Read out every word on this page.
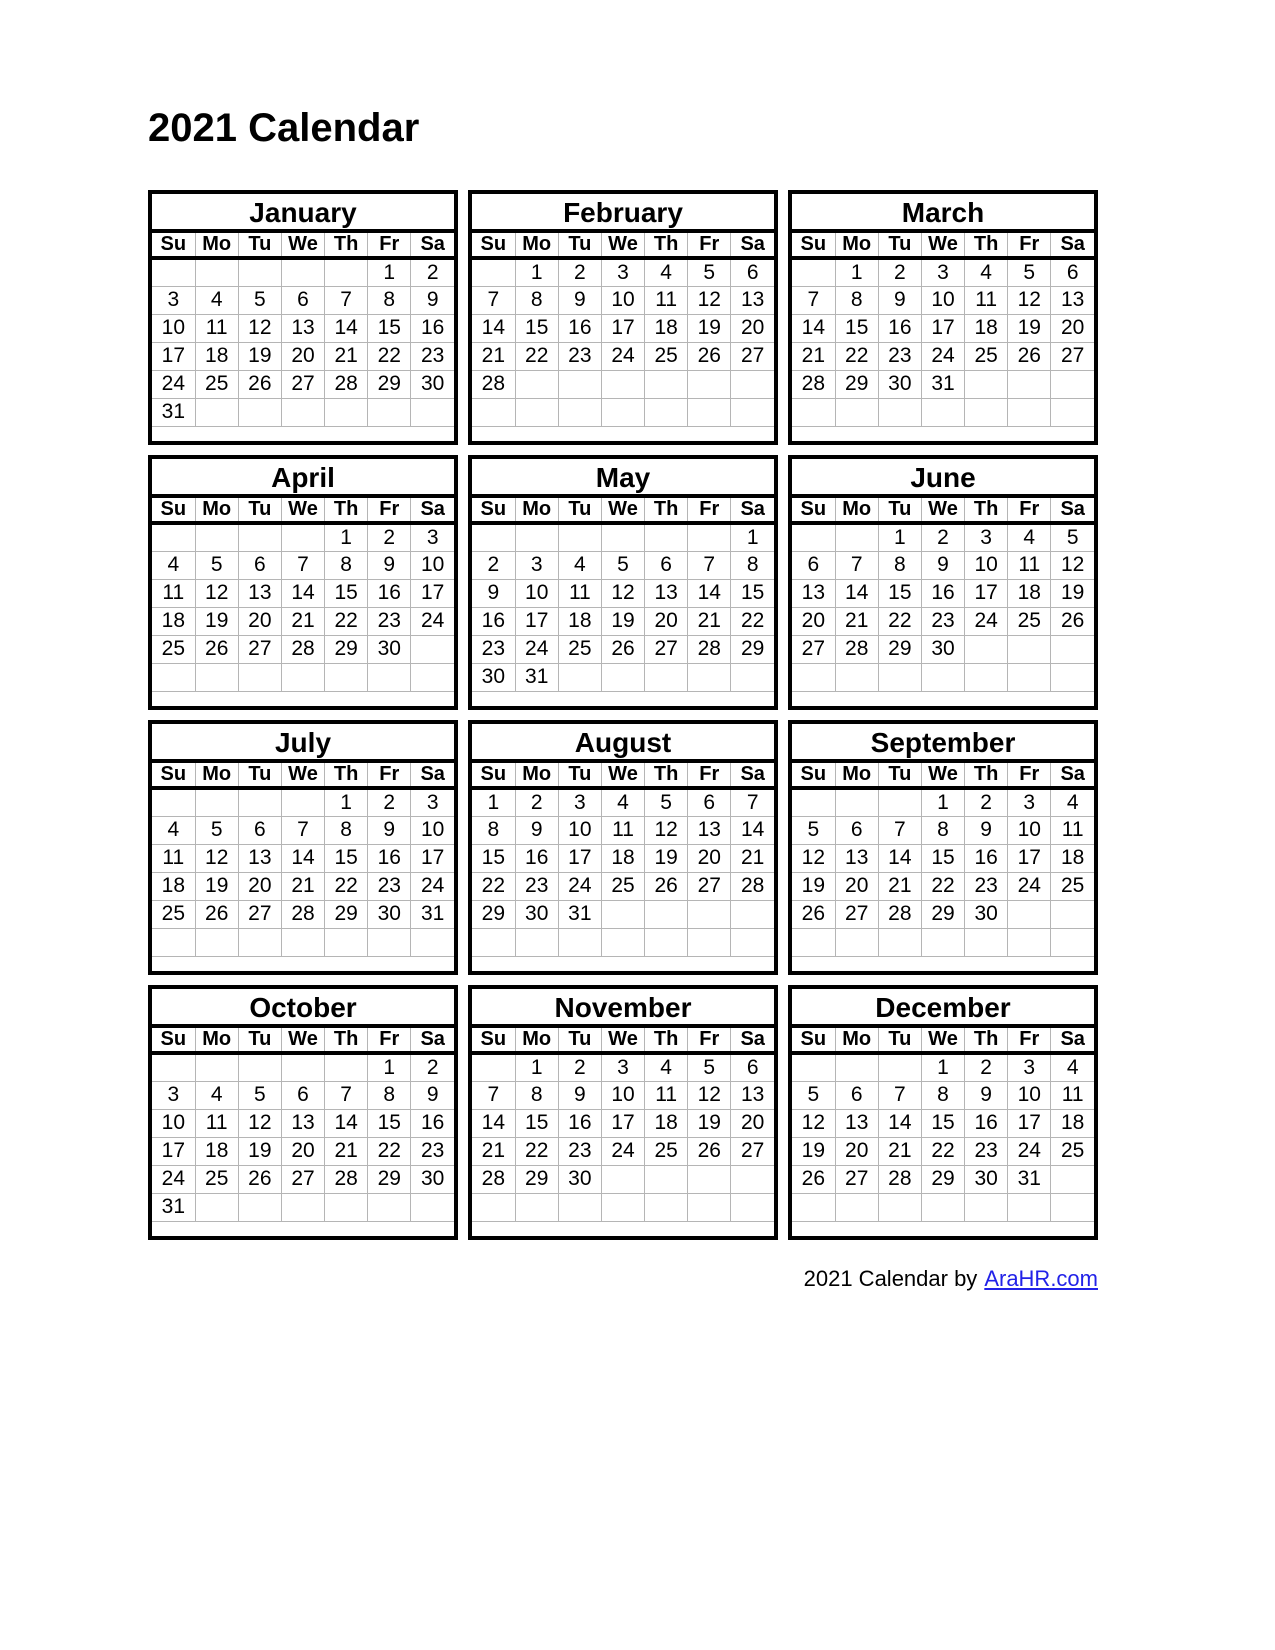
2021 Calendar
January
Su	Mo	Tu	We	Th	Fr	Sa
					1	2
3	4	5	6	7	8	9
10	11	12	13	14	15	16
17	18	19	20	21	22	23
24	25	26	27	28	29	30
31						
February
Su	Mo	Tu	We	Th	Fr	Sa
	1	2	3	4	5	6
7	8	9	10	11	12	13
14	15	16	17	18	19	20
21	22	23	24	25	26	27
28						

March
Su	Mo	Tu	We	Th	Fr	Sa
	1	2	3	4	5	6
7	8	9	10	11	12	13
14	15	16	17	18	19	20
21	22	23	24	25	26	27
28	29	30	31			

April
Su	Mo	Tu	We	Th	Fr	Sa
				1	2	3
4	5	6	7	8	9	10
11	12	13	14	15	16	17
18	19	20	21	22	23	24
25	26	27	28	29	30	

May
Su	Mo	Tu	We	Th	Fr	Sa
						1
2	3	4	5	6	7	8
9	10	11	12	13	14	15
16	17	18	19	20	21	22
23	24	25	26	27	28	29
30	31					
June
Su	Mo	Tu	We	Th	Fr	Sa
		1	2	3	4	5
6	7	8	9	10	11	12
13	14	15	16	17	18	19
20	21	22	23	24	25	26
27	28	29	30			

July
Su	Mo	Tu	We	Th	Fr	Sa
				1	2	3
4	5	6	7	8	9	10
11	12	13	14	15	16	17
18	19	20	21	22	23	24
25	26	27	28	29	30	31

August
Su	Mo	Tu	We	Th	Fr	Sa
1	2	3	4	5	6	7
8	9	10	11	12	13	14
15	16	17	18	19	20	21
22	23	24	25	26	27	28
29	30	31				

September
Su	Mo	Tu	We	Th	Fr	Sa
			1	2	3	4
5	6	7	8	9	10	11
12	13	14	15	16	17	18
19	20	21	22	23	24	25
26	27	28	29	30		

October
Su	Mo	Tu	We	Th	Fr	Sa
					1	2
3	4	5	6	7	8	9
10	11	12	13	14	15	16
17	18	19	20	21	22	23
24	25	26	27	28	29	30
31						
November
Su	Mo	Tu	We	Th	Fr	Sa
	1	2	3	4	5	6
7	8	9	10	11	12	13
14	15	16	17	18	19	20
21	22	23	24	25	26	27
28	29	30				

December
Su	Mo	Tu	We	Th	Fr	Sa
			1	2	3	4
5	6	7	8	9	10	11
12	13	14	15	16	17	18
19	20	21	22	23	24	25
26	27	28	29	30	31	

2021 Calendar by AraHR.com
